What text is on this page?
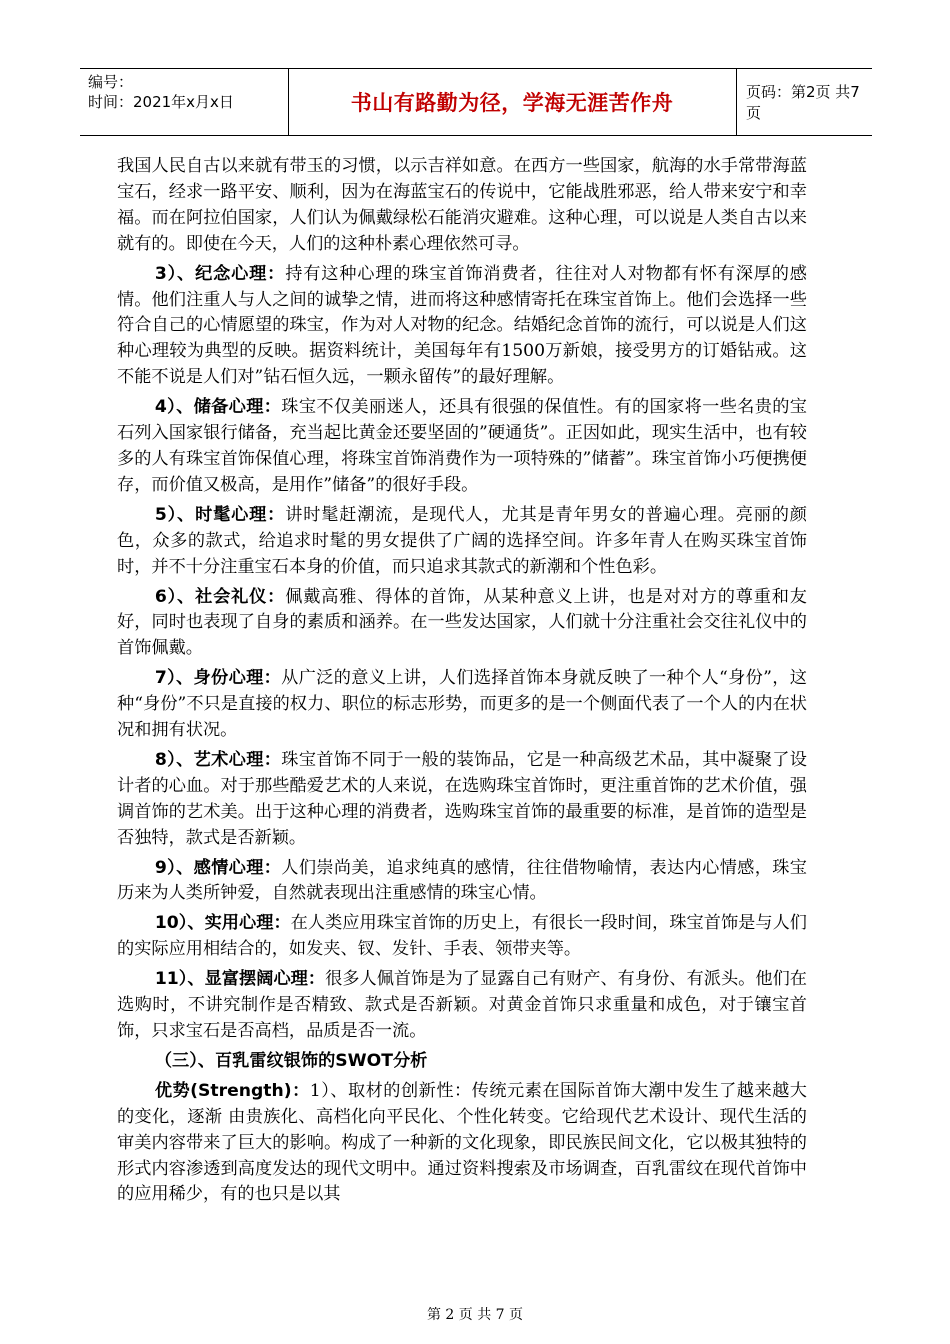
编号：
时间：2021年x月x日	书山有路勤为径，学海无涯苦作舟	页码：第2页 共7页

我国人民自古以来就有带玉的习惯，以示吉祥如意。在西方一些国家，航海的水手常带海蓝宝石，经求一路平安、顺利，因为在海蓝宝石的传说中，它能战胜邪恶，给人带来安宁和幸福。而在阿拉伯国家，人们认为佩戴绿松石能消灾避难。这种心理，可以说是人类自古以来就有的。即使在今天，人们的这种朴素心理依然可寻。

3）、纪念心理：持有这种心理的珠宝首饰消费者，往往对人对物都有怀有深厚的感情。他们注重人与人之间的诚挚之情，进而将这种感情寄托在珠宝首饰上。他们会选择一些符合自己的心情愿望的珠宝，作为对人对物的纪念。结婚纪念首饰的流行，可以说是人们这种心理较为典型的反映。据资料统计，美国每年有1500万新娘，接受男方的订婚钻戒。这不能不说是人们对”钻石恒久远，一颗永留传”的最好理解。

4）、储备心理：珠宝不仅美丽迷人，还具有很强的保值性。有的国家将一些名贵的宝石列入国家银行储备，充当起比黄金还要坚固的”硬通货”。正因如此，现实生活中，也有较多的人有珠宝首饰保值心理，将珠宝首饰消费作为一项特殊的”储蓄”。珠宝首饰小巧便携便存，而价值又极高，是用作”储备”的很好手段。

5）、时髦心理：讲时髦赶潮流，是现代人，尤其是青年男女的普遍心理。亮丽的颜色，众多的款式，给追求时髦的男女提供了广阔的选择空间。许多年青人在购买珠宝首饰时，并不十分注重宝石本身的价值，而只追求其款式的新潮和个性色彩。

6）、社会礼仪：佩戴高雅、得体的首饰，从某种意义上讲，也是对对方的尊重和友好，同时也表现了自身的素质和涵养。在一些发达国家，人们就十分注重社会交往礼仪中的首饰佩戴。

7）、身份心理：从广泛的意义上讲，人们选择首饰本身就反映了一种个人“身份”，这种“身份”不只是直接的权力、职位的标志形势，而更多的是一个侧面代表了一个人的内在状况和拥有状况。

8）、艺术心理：珠宝首饰不同于一般的装饰品，它是一种高级艺术品，其中凝聚了设计者的心血。对于那些酷爱艺术的人来说，在选购珠宝首饰时，更注重首饰的艺术价值，强调首饰的艺术美。出于这种心理的消费者，选购珠宝首饰的最重要的标准，是首饰的造型是否独特，款式是否新颖。

9）、感情心理：人们崇尚美，追求纯真的感情，往往借物喻情，表达内心情感，珠宝历来为人类所钟爱，自然就表现出注重感情的珠宝心情。

10）、实用心理：在人类应用珠宝首饰的历史上，有很长一段时间，珠宝首饰是与人们的实际应用相结合的，如发夹、钗、发针、手表、领带夹等。

11）、显富摆阔心理：很多人佩首饰是为了显露自己有财产、有身份、有派头。他们在选购时，不讲究制作是否精致、款式是否新颖。对黄金首饰只求重量和成色，对于镶宝首饰，只求宝石是否高档，品质是否一流。

（三）、百乳雷纹银饰的SWOT分析

优势(Strength)：1）、取材的创新性：传统元素在国际首饰大潮中发生了越来越大的变化，逐渐 由贵族化、高档化向平民化、个性化转变。它给现代艺术设计、现代生活的审美内容带来了巨大的影响。构成了一种新的文化现象，即民族民间文化，它以极其独特的形式内容渗透到高度发达的现代文明中。通过资料搜索及市场调查，百乳雷纹在现代首饰中的应用稀少，有的也只是以其

第 2 页 共 7 页
